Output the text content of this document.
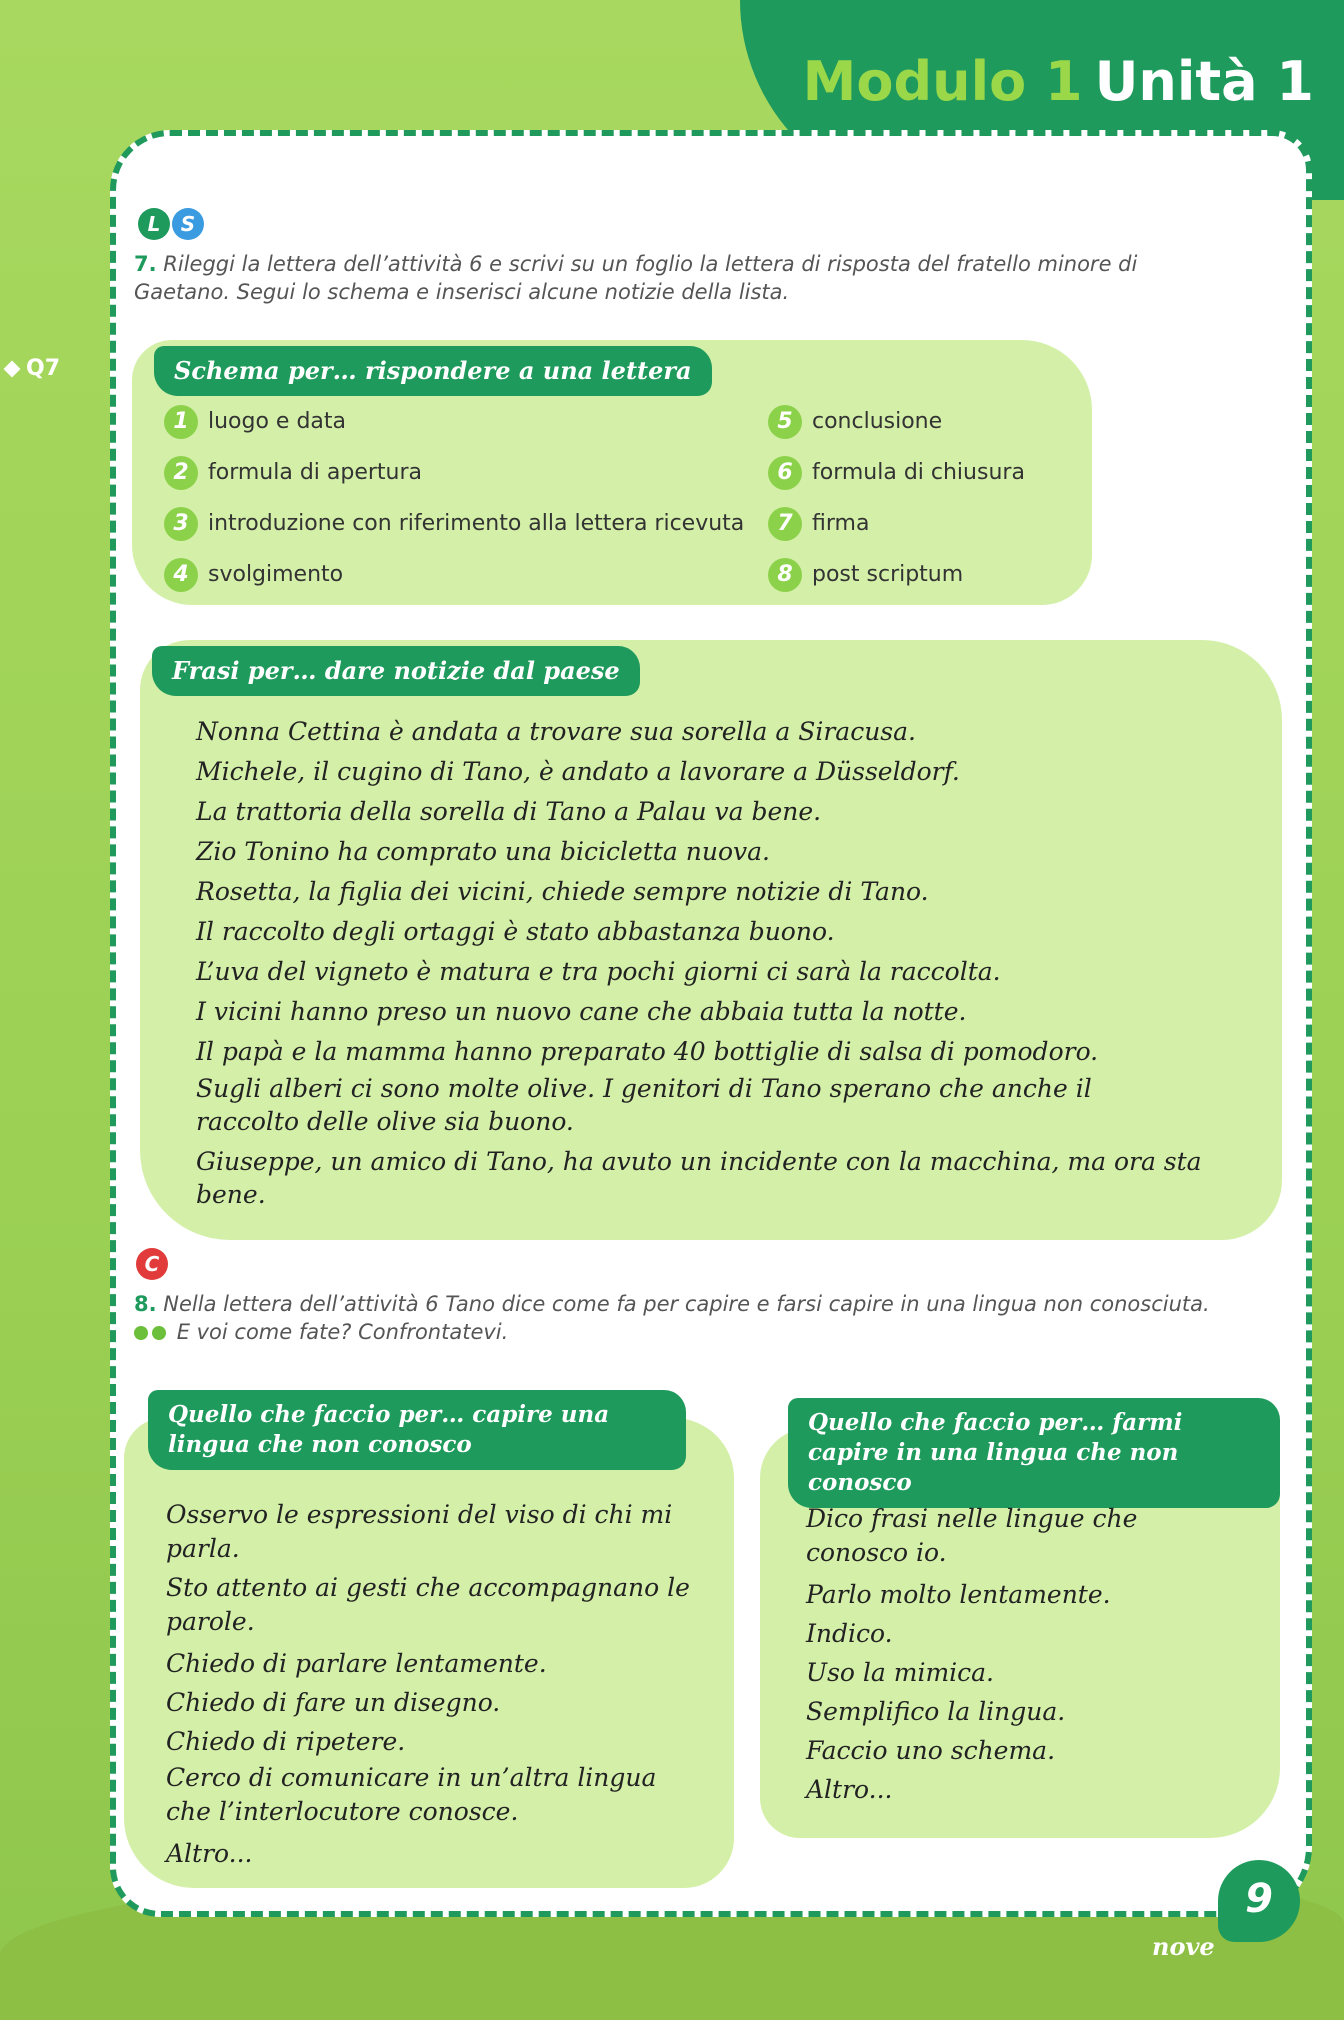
Modulo 1 Unità 1
Q7
L	S
7. Rileggi la lettera dell’attività 6 e scrivi su un foglio la lettera di risposta del fratello minore di Gaetano. Segui lo schema e inserisci alcune notizie della lista.
Schema per… rispondere a una lettera
1 luogo e data
2 formula di apertura
3 introduzione con riferimento alla lettera ricevuta
4 svolgimento
5 conclusione
6 formula di chiusura
7 firma
8 post scriptum
Frasi per… dare notizie dal paese

Nonna Cettina è andata a trovare sua sorella a Siracusa.

Michele, il cugino di Tano, è andato a lavorare a Düsseldorf.

La trattoria della sorella di Tano a Palau va bene.

Zio Tonino ha comprato una bicicletta nuova.

Rosetta, la figlia dei vicini, chiede sempre notizie di Tano.

Il raccolto degli ortaggi è stato abbastanza buono.

L’uva del vigneto è matura e tra pochi giorni ci sarà la raccolta.

I vicini hanno preso un nuovo cane che abbaia tutta la notte.

Il papà e la mamma hanno preparato 40 bottiglie di salsa di pomodoro.

Sugli alberi ci sono molte olive. I genitori di Tano sperano che anche il raccolto delle olive sia buono.

Giuseppe, un amico di Tano, ha avuto un incidente con la macchina, ma ora sta bene.

C
8. Nella lettera dell’attività 6 Tano dice come fa per capire e farsi capire in una lingua non conosciuta.
E voi come fate? Confrontatevi.
Quello che faccio per… capire una lingua che non conosco

Osservo le espressioni del viso di chi mi parla.

Sto attento ai gesti che accompagnano le parole.

Chiedo di parlare lentamente.

Chiedo di fare un disegno.

Chiedo di ripetere.

Cerco di comunicare in un’altra lingua che l’interlocutore conosce.

Altro...

Quello che faccio per… farmi capire in una lingua che non conosco

Dico frasi nelle lingue che conosco io.

Parlo molto lentamente.

Indico.

Uso la mimica.

Semplifico la lingua.

Faccio uno schema.

Altro...

9
nove
